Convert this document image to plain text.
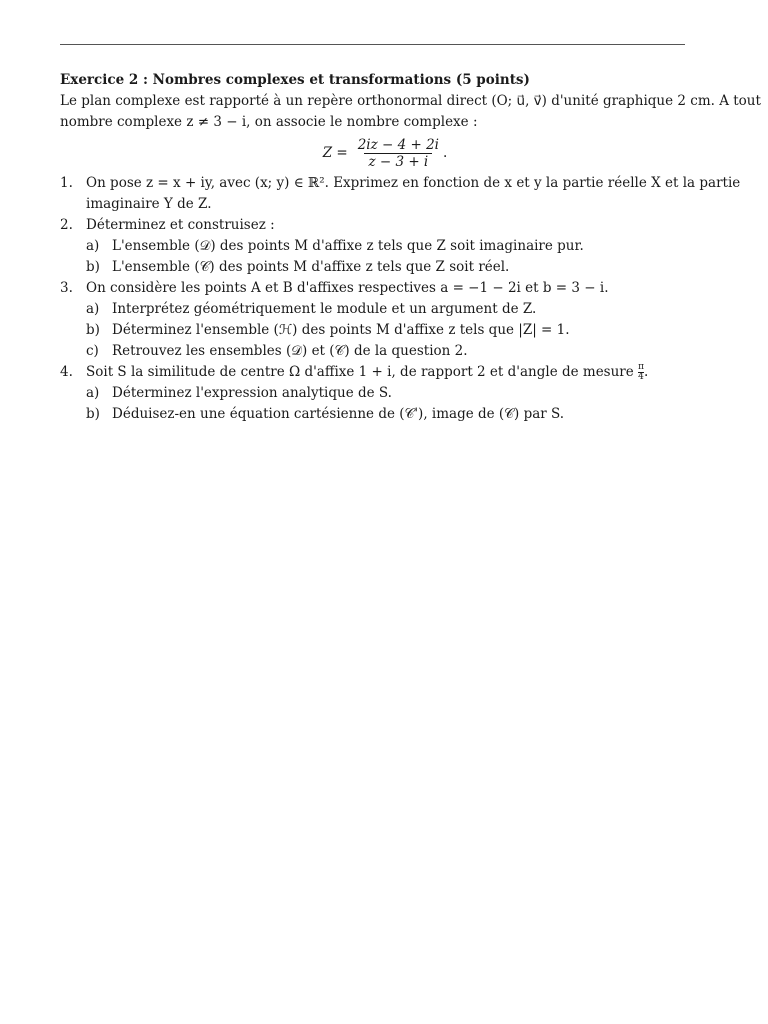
Exercice 2 : Nombres complexes et transformations (5 points)
Le plan complexe est rapporté à un repère orthonormal direct (O; u⃗, v⃗) d'unité graphique 2 cm. A tout
nombre complexe z ≠ 3 − i, on associe le nombre complexe :
$Z = \frac{2iz - 4 + 2i}{z - 3 + i}$ .
1. On pose z = x + iy, avec (x; y) ∈ ℝ². Exprimez en fonction de x et y la partie réelle X et la partie
imaginaire Y de Z.
2. Déterminez et construisez :
a) L'ensemble (𝒟) des points M d'affixe z tels que Z soit imaginaire pur.
b) L'ensemble (𝒞) des points M d'affixe z tels que Z soit réel.
3. On considère les points A et B d'affixes respectives a = −1 − 2i et b = 3 − i.
a) Interprétez géométriquement le module et un argument de Z.
b) Déterminez l'ensemble (ℋ) des points M d'affixe z tels que |Z| = 1.
c) Retrouvez les ensembles (𝒟) et (𝒞) de la question 2.
4. Soit S la similitude de centre Ω d'affixe 1 + i, de rapport 2 et d'angle de mesure $\frac{\pi}{4}$ .
a) Déterminez l'expression analytique de S.
b) Déduisez-en une équation cartésienne de (𝒞'), image de (𝒞) par S.
